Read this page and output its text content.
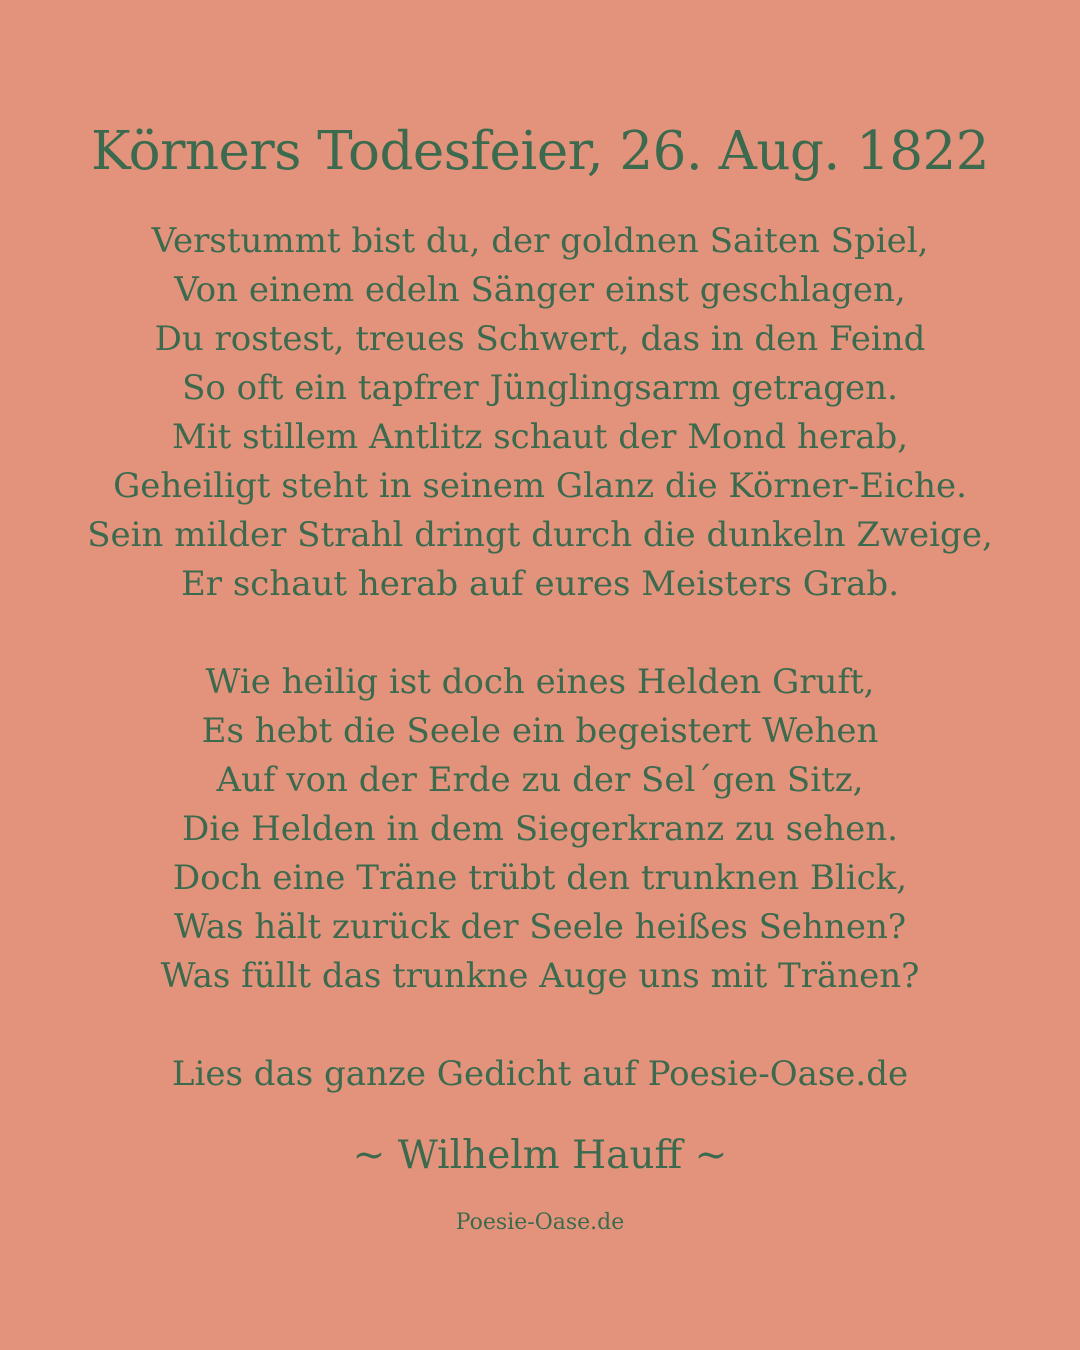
Körners Todesfeier, 26. Aug. 1822
Verstummt bist du, der goldnen Saiten Spiel,
Von einem edeln Sänger einst geschlagen,
Du rostest, treues Schwert, das in den Feind
So oft ein tapfrer Jünglingsarm getragen.
Mit stillem Antlitz schaut der Mond herab,
Geheiligt steht in seinem Glanz die Körner-Eiche.
Sein milder Strahl dringt durch die dunkeln Zweige,
Er schaut herab auf eures Meisters Grab.
Wie heilig ist doch eines Helden Gruft,
Es hebt die Seele ein begeistert Wehen
Auf von der Erde zu der Sel´gen Sitz,
Die Helden in dem Siegerkranz zu sehen.
Doch eine Träne trübt den trunknen Blick,
Was hält zurück der Seele heißes Sehnen?
Was füllt das trunkne Auge uns mit Tränen?
Lies das ganze Gedicht auf Poesie-Oase.de
~ Wilhelm Hauff ~
Poesie-Oase.de
